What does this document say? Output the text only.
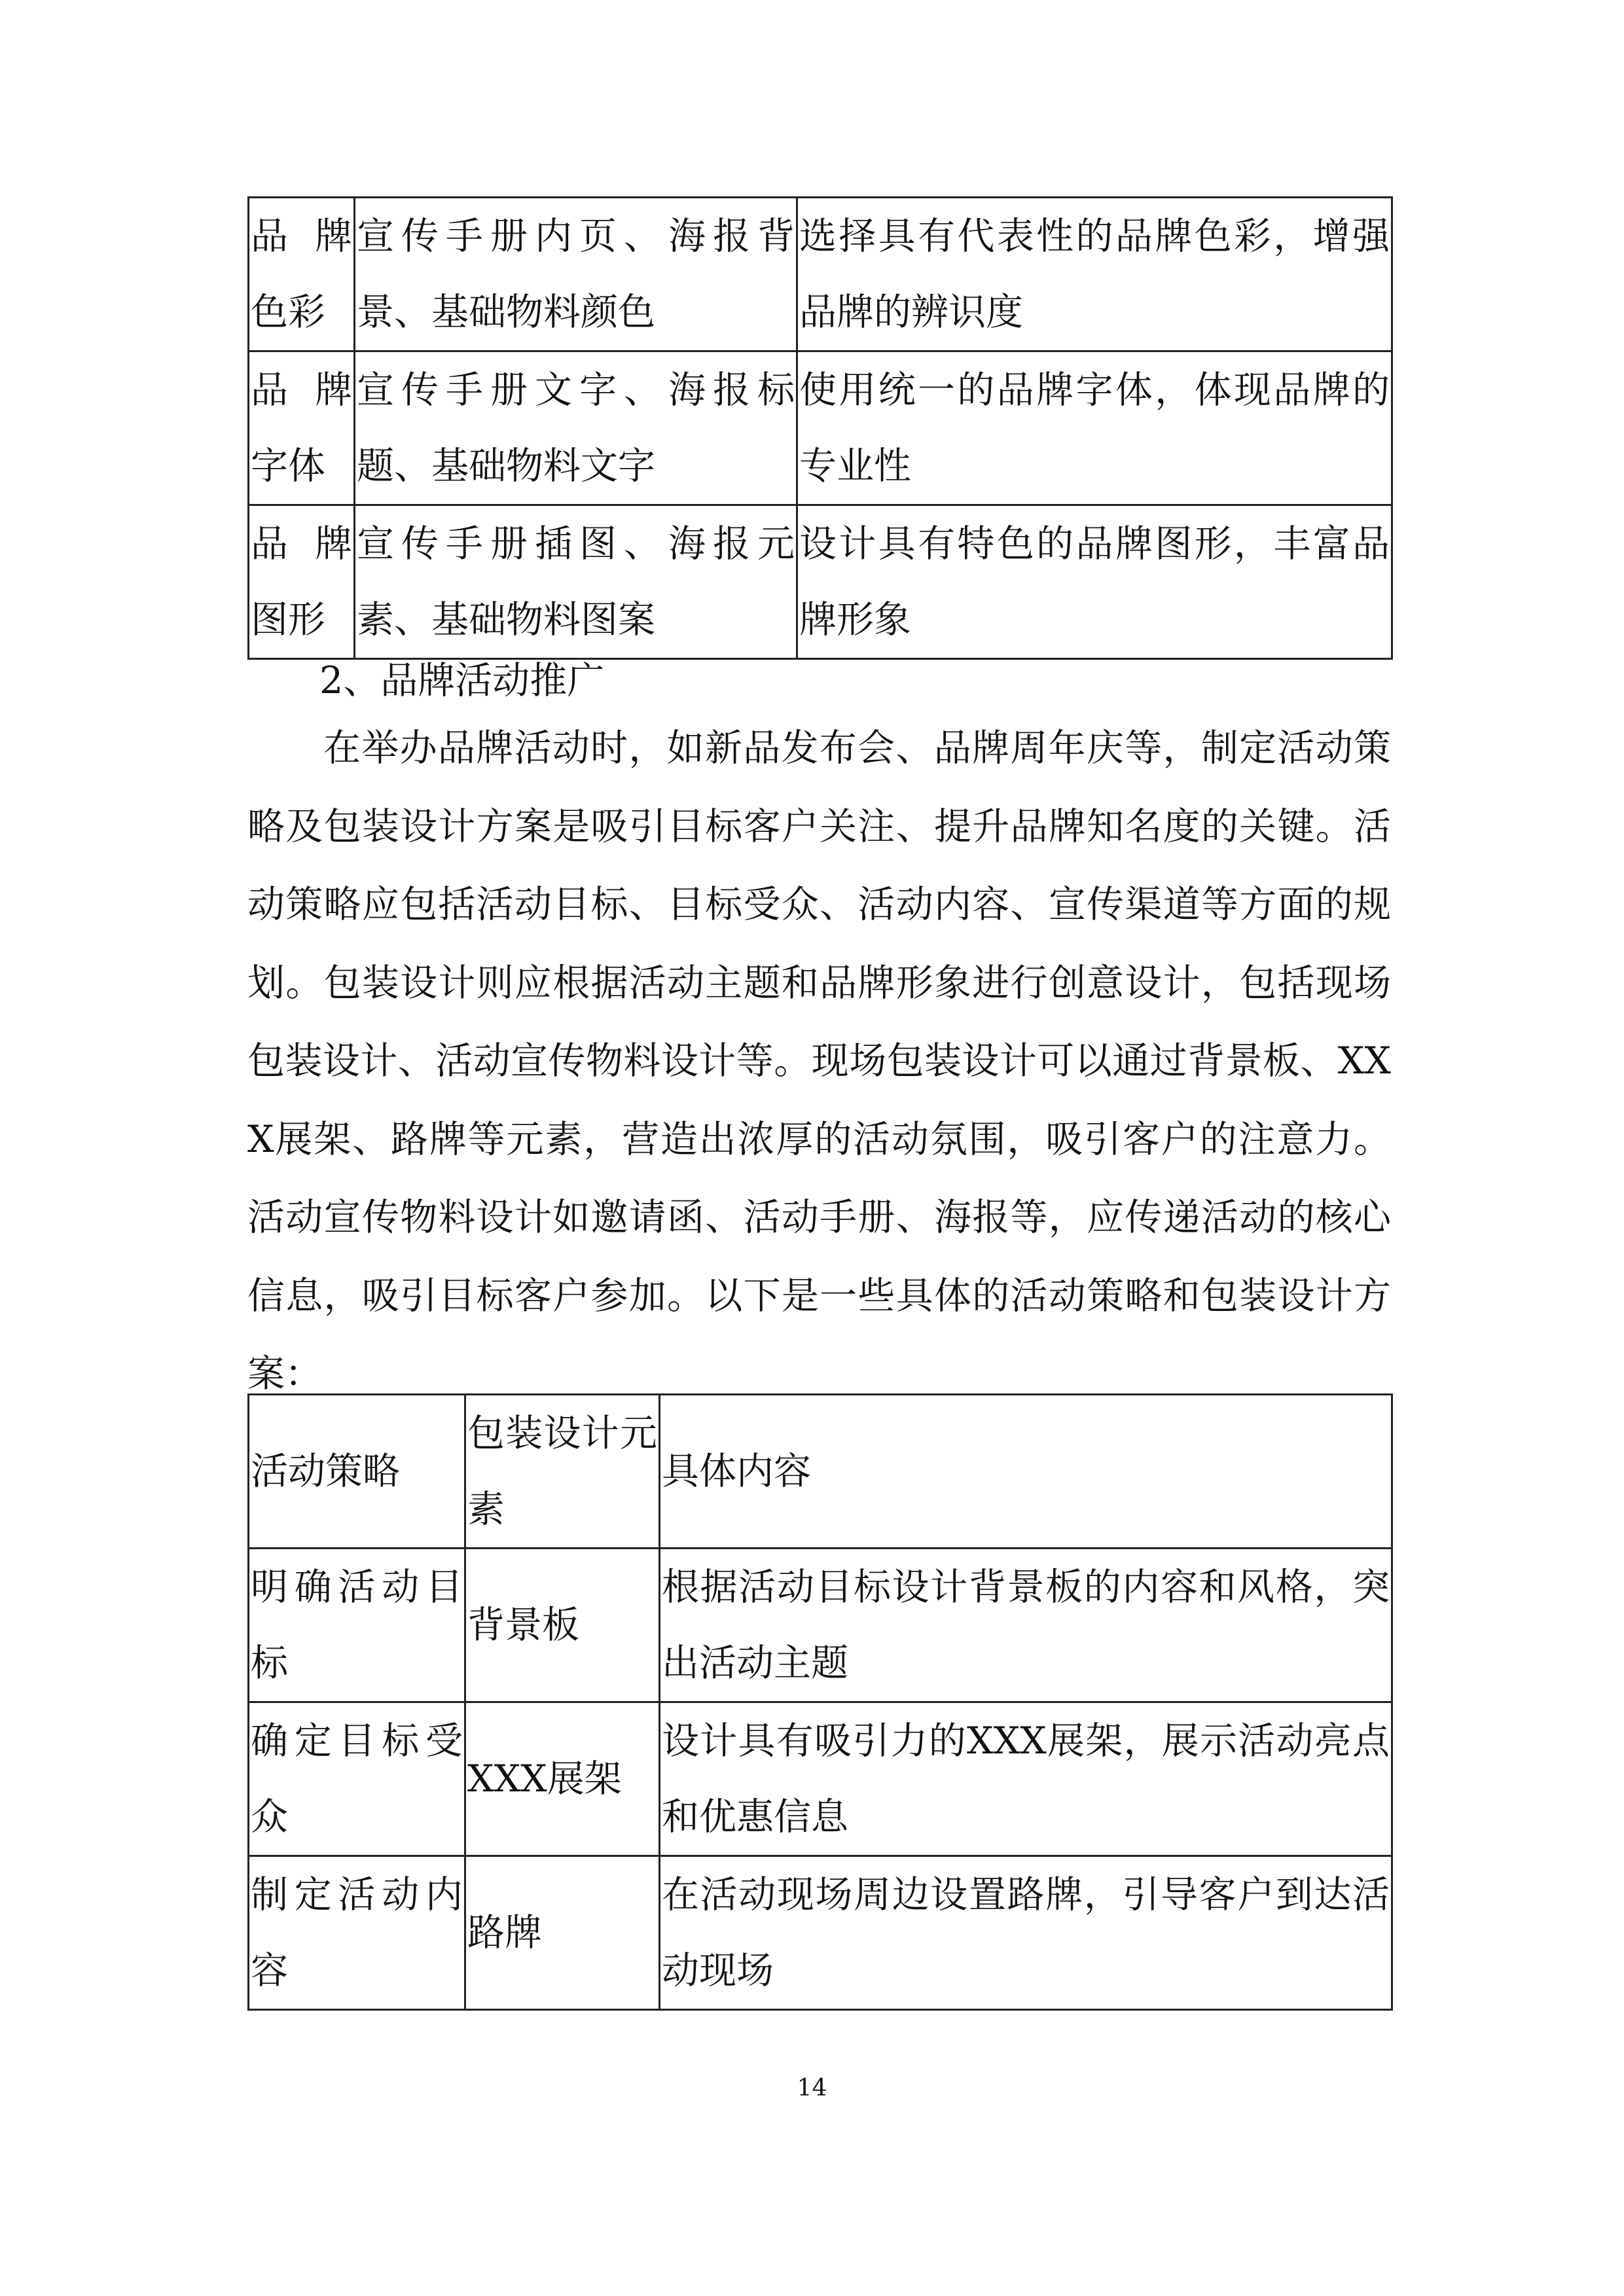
品牌色彩	宣传手册内页、海报背景、基础物料颜色	选择具有代表性的品牌色彩，增强品牌的辨识度
品牌字体	宣传手册文字、海报标题、基础物料文字	使用统一的品牌字体，体现品牌的专业性
品牌图形	宣传手册插图、海报元素、基础物料图案	设计具有特色的品牌图形，丰富品牌形象

2、品牌活动推广

在举办品牌活动时，如新品发布会、品牌周年庆等，制定活动策略及包装设计方案是吸引目标客户关注、提升品牌知名度的关键。活动策略应包括活动目标、目标受众、活动内容、宣传渠道等方面的规划。包装设计则应根据活动主题和品牌形象进行创意设计，包括现场包装设计、活动宣传物料设计等。现场包装设计可以通过背景板、XXX展架、路牌等元素，营造出浓厚的活动氛围，吸引客户的注意力。活动宣传物料设计如邀请函、活动手册、海报等，应传递活动的核心信息，吸引目标客户参加。以下是一些具体的活动策略和包装设计方案：

活动策略	包装设计元素	具体内容
明确活动目标	背景板	根据活动目标设计背景板的内容和风格，突出活动主题
确定目标受众	XXX展架	设计具有吸引力的XXX展架，展示活动亮点和优惠信息
制定活动内容	路牌	在活动现场周边设置路牌，引导客户到达活动现场

14
